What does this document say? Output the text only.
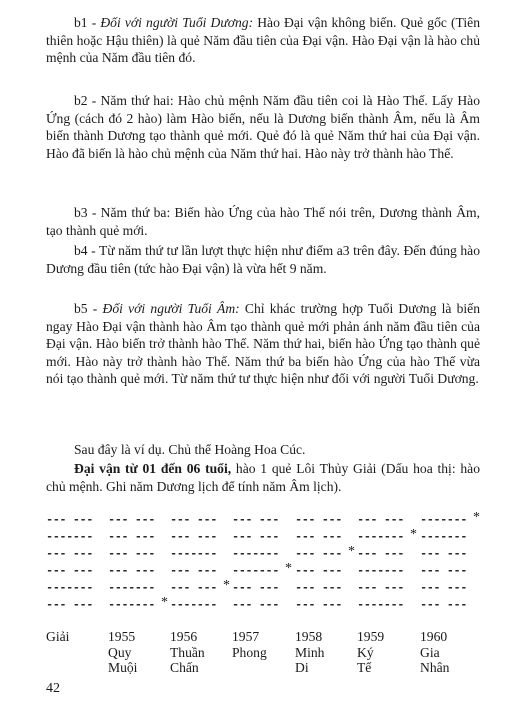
b1 - Đối với người Tuổi Dương: Hào Đại vận không biến. Quẻ gốc (Tiên thiên hoặc Hậu thiên) là quẻ Năm đầu tiên của Đại vận. Hào Đại vận là hào chủ mệnh của Năm đầu tiên đó.

b2 - Năm thứ hai: Hào chủ mệnh Năm đầu tiên coi là Hào Thế. Lấy Hào Ứng (cách đó 2 hào) làm Hào biến, nếu là Dương biến thành Âm, nếu là Âm biến thành Dương tạo thành quẻ mới. Quẻ đó là quẻ Năm thứ hai của Đại vận. Hào đã biến là hào chủ mệnh của Năm thứ hai. Hào này trở thành hào Thế.

b3 - Năm thứ ba: Biến hào Ứng của hào Thế nói trên, Dương thành Âm, tạo thành quẻ mới.

b4 - Từ năm thứ tư lần lượt thực hiện như điểm a3 trên đây. Đến đúng hào Dương đầu tiên (tức hào Đại vận) là vừa hết 9 năm.

b5 - Đối với người Tuổi Âm: Chỉ khác trường hợp Tuổi Dương là biến ngay Hào Đại vận thành hào Âm tạo thành quẻ mới phản ánh năm đầu tiên của Đại vận. Hào biến trở thành hào Thế. Năm thứ hai, biến hào Ứng tạo thành quẻ mới. Hào này trở thành hào Thế. Năm thứ ba biến hào Ứng của hào Thế vừa nói tạo thành quẻ mới. Từ năm thứ tư thực hiện như đối với người Tuổi Dương.

Sau đây là ví dụ. Chủ thể Hoàng Hoa Cúc.

Đại vận từ 01 đến 06 tuổi, hào 1 quẻ Lôi Thủy Giải (Dấu hoa thị: hào chủ mệnh. Ghi năm Dương lịch để tính năm Âm lịch).

--- ---
-------
--- ---
--- ---
-------
--- ---
--- ---
--- ---
--- ---
--- ---
-------
-------
--- ---
--- ---
-------
--- ---
--- ---
-------
--- ---
--- ---
-------
-------
--- ---
--- ---
--- ---
--- ---
--- ---
--- ---
--- ---
--- ---
--- ---
-------
--- ---
-------
--- ---
-------
-------
-------
--- ---
--- ---
--- ---
--- ---
*
*
*
*
*
*
Giải

	1955
Quy
Muội
1956
Thuần
Chấn
1957
Phong

1958
Minh
Di
1959
Ký
Tế
1960
Gia
Nhân
42
